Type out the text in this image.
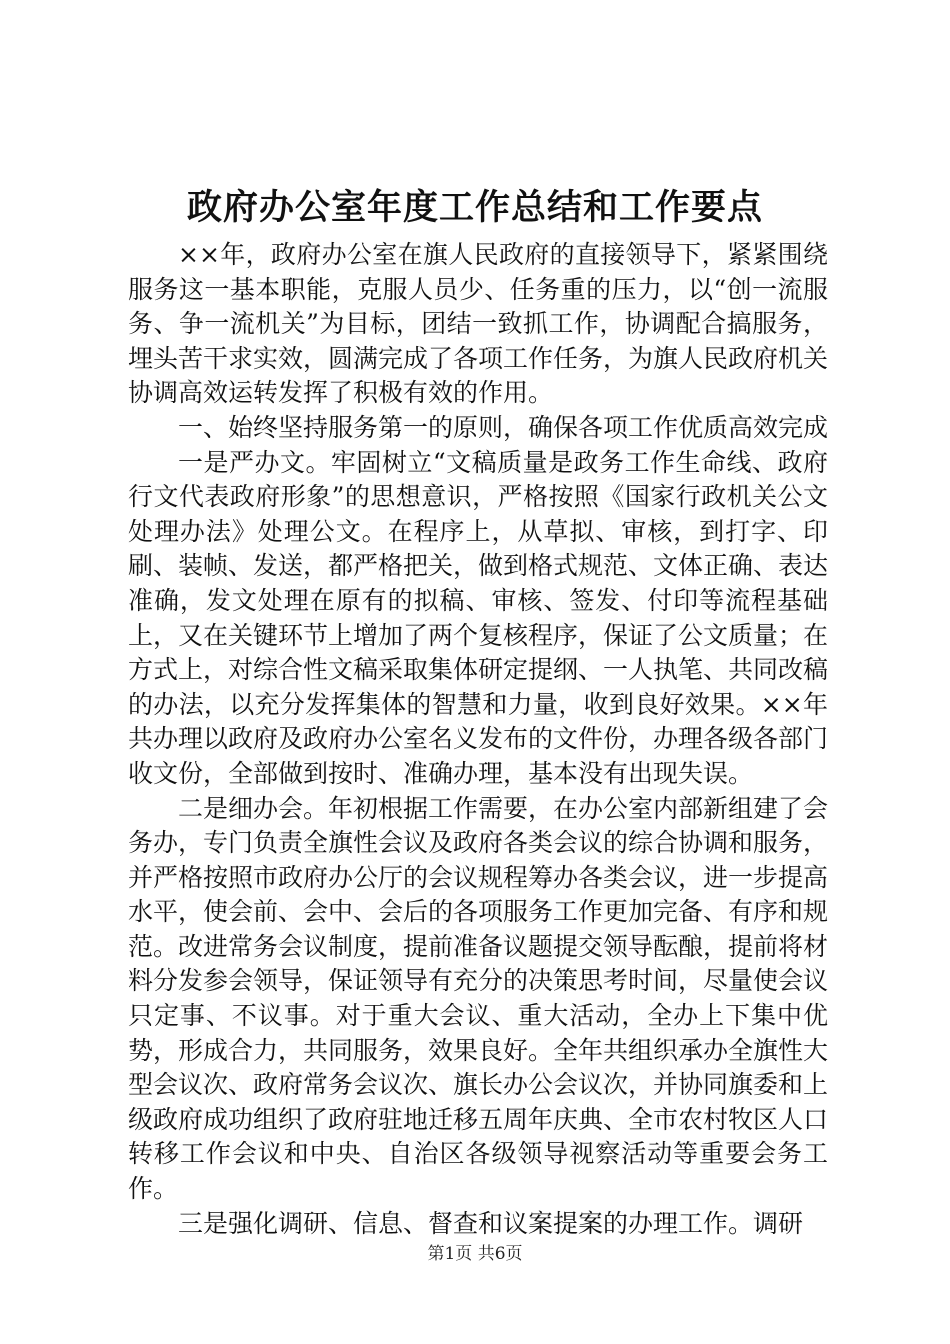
政府办公室年度工作总结和工作要点

××年，政府办公室在旗人民政府的直接领导下，紧紧围绕服务这一基本职能，克服人员少、任务重的压力，以“创一流服务、争一流机关”为目标，团结一致抓工作，协调配合搞服务，埋头苦干求实效，圆满完成了各项工作任务，为旗人民政府机关协调高效运转发挥了积极有效的作用。

一、始终坚持服务第一的原则，确保各项工作优质高效完成

一是严办文。牢固树立“文稿质量是政务工作生命线、政府行文代表政府形象”的思想意识，严格按照《国家行政机关公文处理办法》处理公文。在程序上，从草拟、审核，到打字、印刷、装帧、发送，都严格把关，做到格式规范、文体正确、表达准确，发文处理在原有的拟稿、审核、签发、付印等流程基础上，又在关键环节上增加了两个复核程序，保证了公文质量；在方式上，对综合性文稿采取集体研定提纲、一人执笔、共同改稿的办法，以充分发挥集体的智慧和力量，收到良好效果。××年共办理以政府及政府办公室名义发布的文件份，办理各级各部门收文份，全部做到按时、准确办理，基本没有出现失误。

二是细办会。年初根据工作需要，在办公室内部新组建了会务办，专门负责全旗性会议及政府各类会议的综合协调和服务，并严格按照市政府办公厅的会议规程筹办各类会议，进一步提高水平，使会前、会中、会后的各项服务工作更加完备、有序和规范。改进常务会议制度，提前准备议题提交领导酝酿，提前将材料分发参会领导，保证领导有充分的决策思考时间，尽量使会议只定事、不议事。对于重大会议、重大活动，全办上下集中优势，形成合力，共同服务，效果良好。全年共组织承办全旗性大型会议次、政府常务会议次、旗长办公会议次，并协同旗委和上级政府成功组织了政府驻地迁移五周年庆典、全市农村牧区人口转移工作会议和中央、自治区各级领导视察活动等重要会务工作。

三是强化调研、信息、督查和议案提案的办理工作。调研

第1页 共6页
